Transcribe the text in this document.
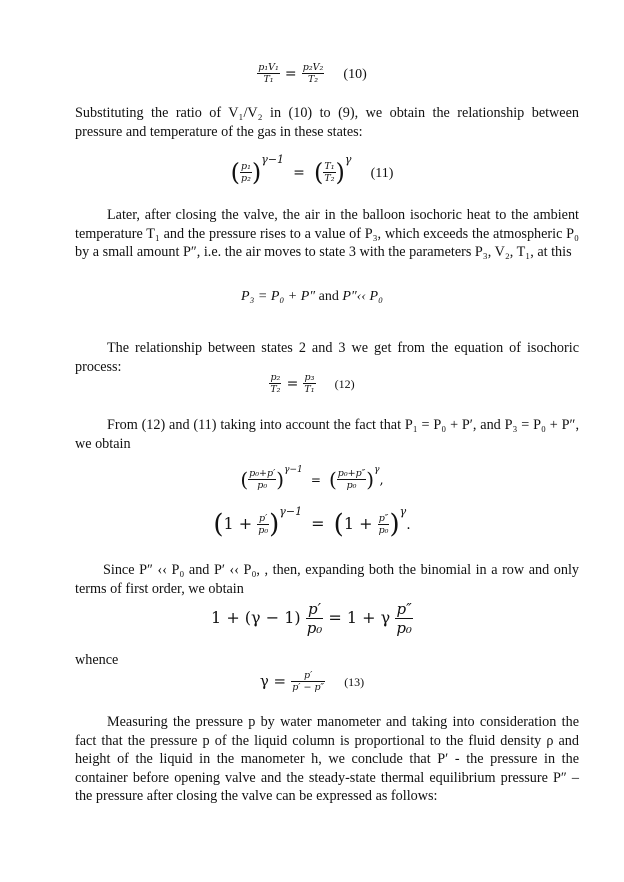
$\frac{\text{p₁V₁}}{\text{T₁}} = \frac{\text{p₂V₂}}{\text{T₂}} (10)$

Substituting the ratio of V₁/V₂ in (10) to (9), we obtain the relationship between pressure and temperature of the gas in these states:

( $\frac{\text{p₁}}{\text{p₂}} )^{\gamma-1}$ = ( $\frac{\text{T₁}}{\text{T₂}} )^\gamma$ (11)

Later, after closing the valve, the air in the balloon isochoric heat to the ambient temperature T₁ and the pressure rises to a value of P₃, which exceeds the atmospheric P₀ by a small amount P″, i.e. the air moves to state 3 with the parameters P₃, V₂, T₁, at this

P₃ = P₀ + P″ and P″‹‹ P₀

The relationship between states 2 and 3 we get from the equation of isochoric process:

$\frac{\text{p₂}}{\text{T₂}} = \frac{\text{p₃}}{\text{T₁}} (12)$

From (12) and (11) taking into account the fact that P₁ = P₀ + P′, and P₃ = P₀ + P″, we obtain

( $\frac{\text{p₀+p′}}{\text{p₀}} )^{\gamma-1}$ = ( $\frac{\text{p₀+p″}}{\text{p₀}} )^\gamma$,
$(1 + \frac{p'}{\text{p₀}} )^{\gamma-1} = (1 + \frac{p''}{\text{p₀}} )^\gamma$.

Since P″ ‹‹ P₀ and P′ ‹‹ P₀, , then, expanding both the binomial in a row and only terms of first order, we obtain

$1 + (\gamma - 1) \frac{p'}{\text{p₀}} = 1 + \gamma \frac{p''}{\text{p₀}}$

whence

$\gamma = \frac{p'}{p' - p''} (13)$

Measuring the pressure p by water manometer and taking into consideration the fact that the pressure p of the liquid column is proportional to the fluid density ρ and height of the liquid in the manometer h, we conclude that P′ - the pressure in the container before opening valve and the steady-state thermal equilibrium pressure P″ – the pressure after closing the valve can be expressed as follows:
